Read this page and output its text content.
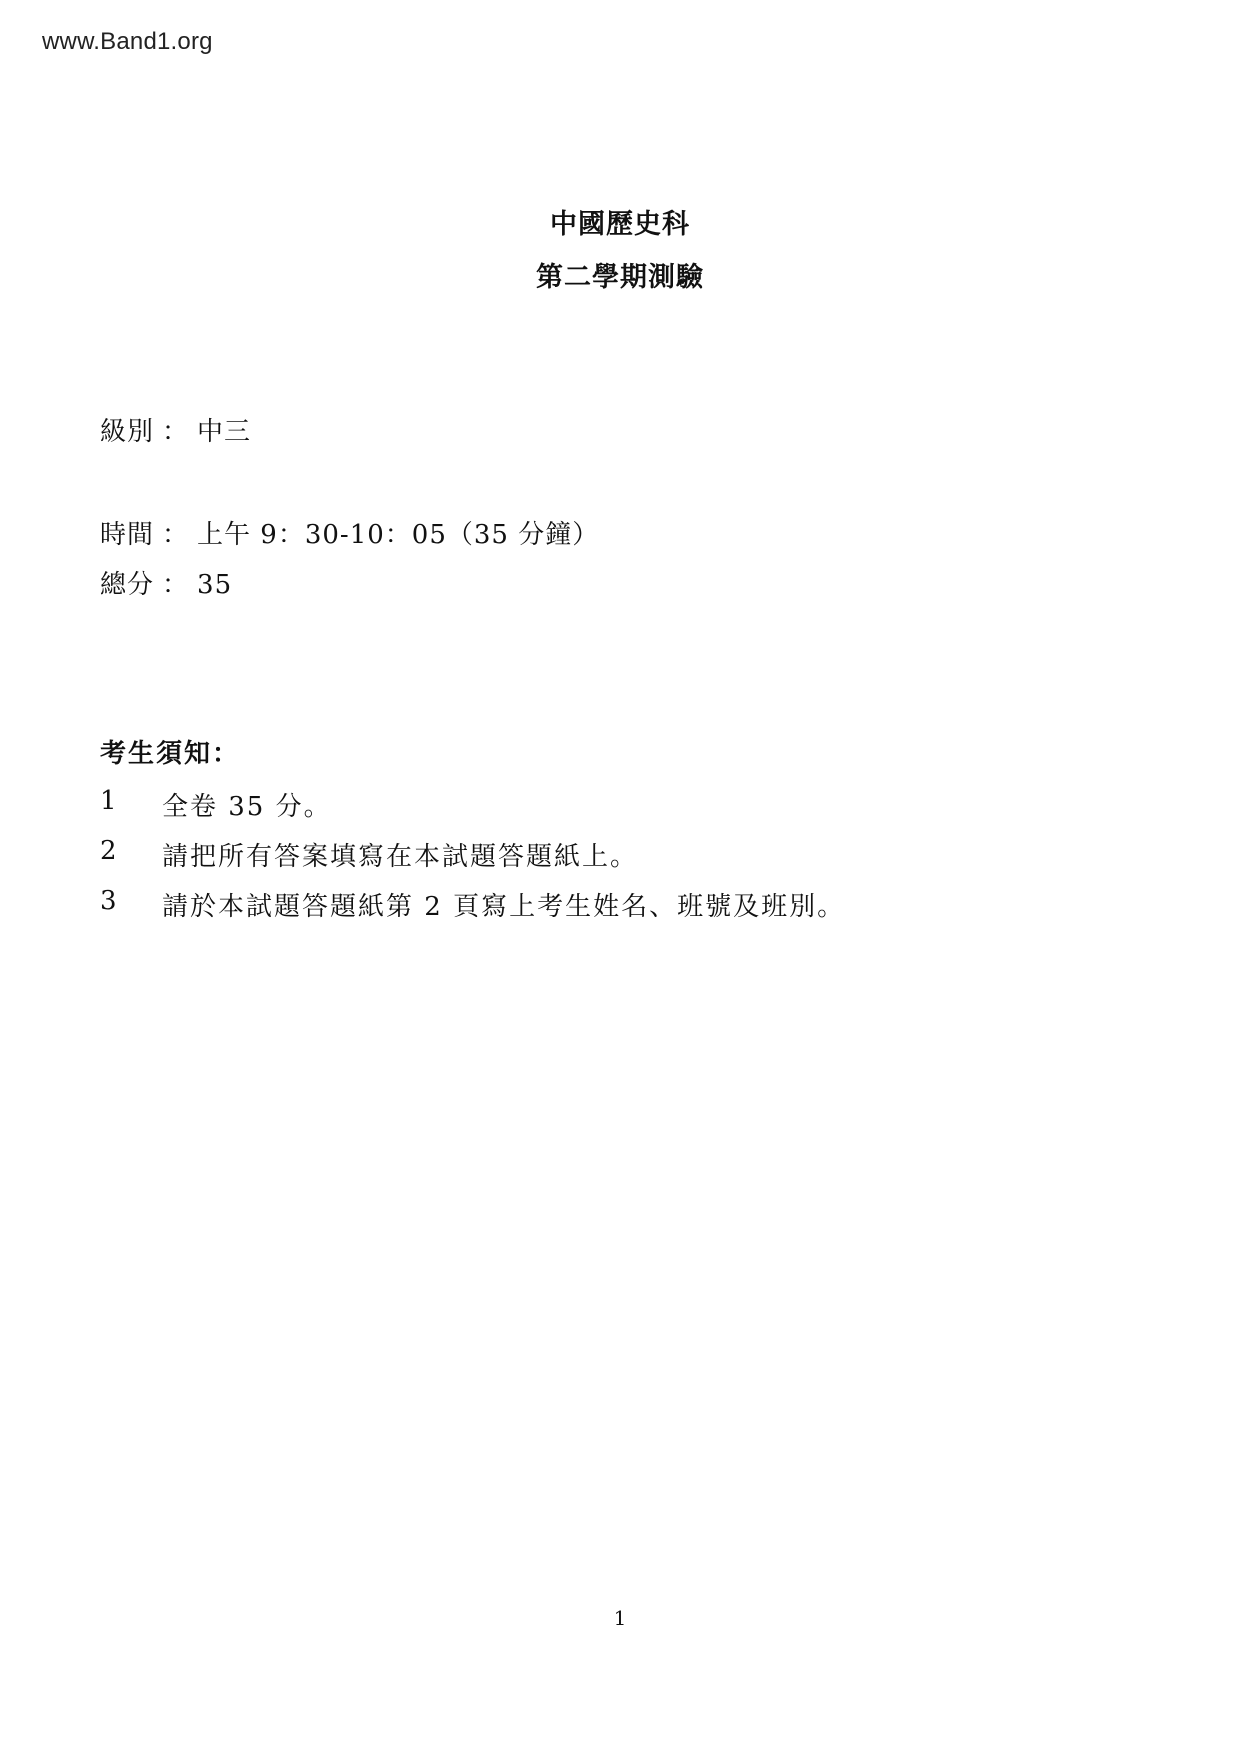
www.Band1.org
中國歷史科
第二學期測驗
級別 ： 中三
時間 ： 上午 9：30-10：05（35 分鐘）
總分 ： 35
考生須知：
1 全卷 35 分。
2 請把所有答案填寫在本試題答題紙上。
3 請於本試題答題紙第 2 頁寫上考生姓名、班號及班別。
1
